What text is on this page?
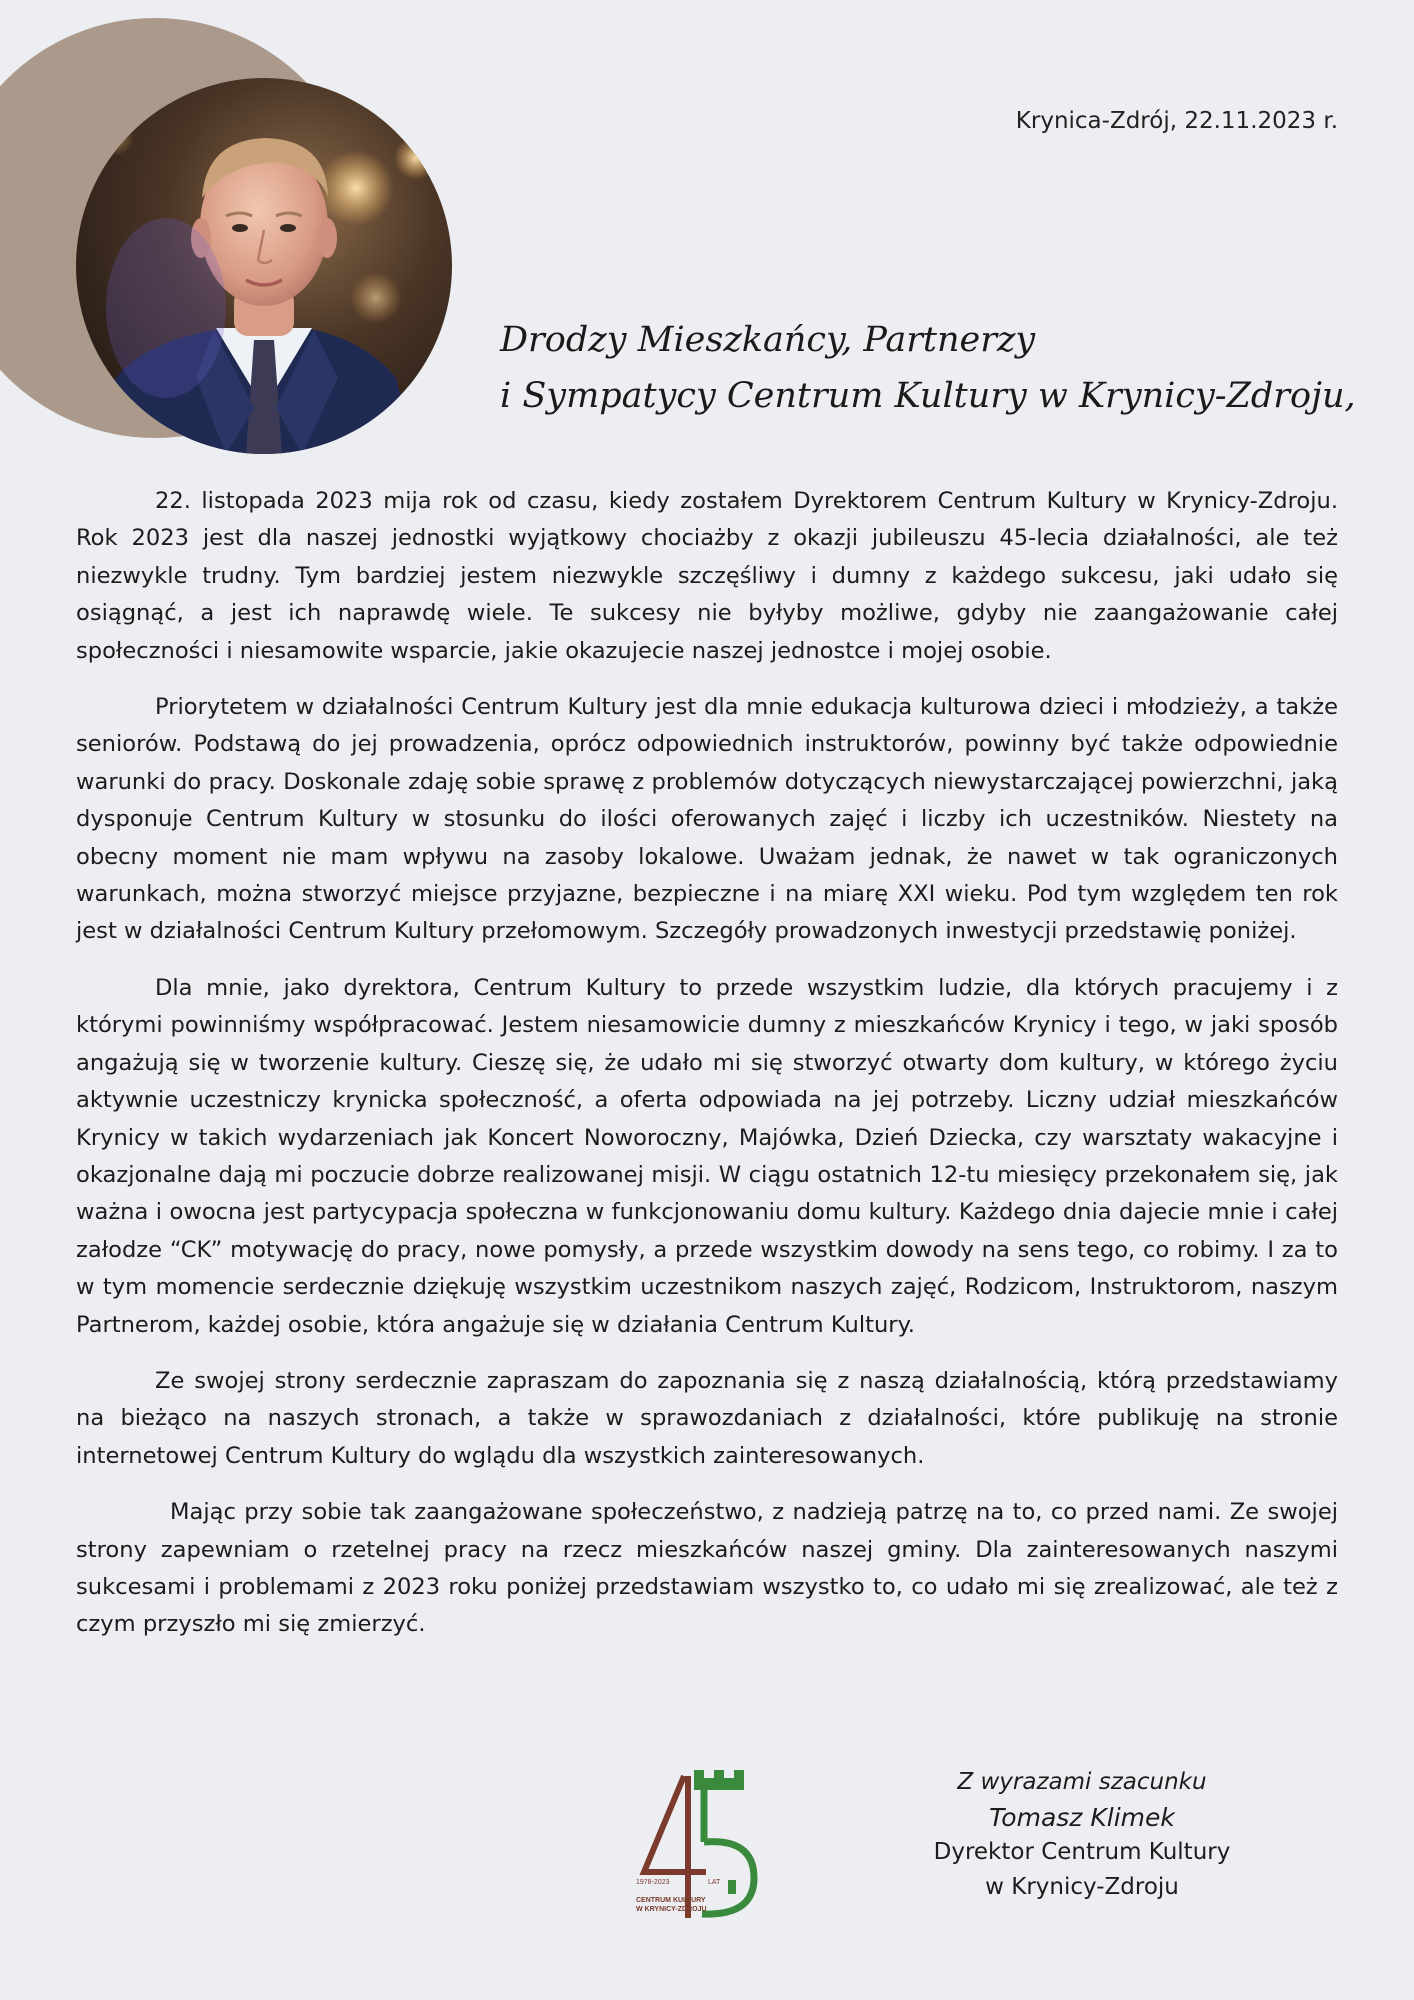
Krynica-Zdrój, 22.11.2023 r.
Drodzy Mieszkańcy, Partnerzy
i Sympatycy Centrum Kultury w Krynicy-Zdroju,

22. listopada 2023 mija rok od czasu, kiedy zostałem Dyrektorem Centrum Kultury w Krynicy-Zdroju. Rok 2023 jest dla naszej jednostki wyjątkowy chociażby z okazji jubileuszu 45-lecia działalności, ale też niezwykle trudny. Tym bardziej jestem niezwykle szczęśliwy i dumny z każdego sukcesu, jaki udało się osiągnąć, a jest ich naprawdę wiele. Te sukcesy nie byłyby możliwe, gdyby nie zaangażowanie całej społeczności i niesamowite wsparcie, jakie okazujecie naszej jednostce i mojej osobie.

Priorytetem w działalności Centrum Kultury jest dla mnie edukacja kulturowa dzieci i młodzieży, a także seniorów. Podstawą do jej prowadzenia, oprócz odpowiednich instruktorów, powinny być także odpowiednie warunki do pracy. Doskonale zdaję sobie sprawę z problemów dotyczących niewystarczającej powierzchni, jaką dysponuje Centrum Kultury w stosunku do ilości oferowanych zajęć i liczby ich uczestników. Niestety na obecny moment nie mam wpływu na zasoby lokalowe. Uważam jednak, że nawet w tak ograniczonych warunkach, można stworzyć miejsce przyjazne, bezpieczne i na miarę XXI wieku. Pod tym względem ten rok jest w działalności Centrum Kultury przełomowym. Szczegóły prowadzonych inwestycji przedstawię poniżej.

Dla mnie, jako dyrektora, Centrum Kultury to przede wszystkim ludzie, dla których pracujemy i z którymi powinniśmy współpracować. Jestem niesamowicie dumny z mieszkańców Krynicy i tego, w jaki sposób angażują się w tworzenie kultury. Cieszę się, że udało mi się stworzyć otwarty dom kultury, w którego życiu aktywnie uczestniczy krynicka społeczność, a oferta odpowiada na jej potrzeby. Liczny udział mieszkańców Krynicy w takich wydarzeniach jak Koncert Noworoczny, Majówka, Dzień Dziecka, czy warsztaty wakacyjne i okazjonalne dają mi poczucie dobrze realizowanej misji. W ciągu ostatnich 12-tu miesięcy przekonałem się, jak ważna i owocna jest partycypacja społeczna w funkcjonowaniu domu kultury. Każdego dnia dajecie mnie i całej załodze “CK” motywację do pracy, nowe pomysły, a przede wszystkim dowody na sens tego, co robimy. I za to w tym momencie serdecznie dziękuję wszystkim uczestnikom naszych zajęć, Rodzicom, Instruktorom, naszym Partnerom, każdej osobie, która angażuje się w działania Centrum Kultury.

Ze swojej strony serdecznie zapraszam do zapoznania się z naszą działalnością, którą przedstawiamy na bieżąco na naszych stronach, a także w sprawozdaniach z działalności, które publikuję na stronie internetowej Centrum Kultury do wglądu dla wszystkich zainteresowanych.

Mając przy sobie tak zaangażowane społeczeństwo, z nadzieją patrzę na to, co przed nami. Ze swojej strony zapewniam o rzetelnej pracy na rzecz mieszkańców naszej gminy. Dla zainteresowanych naszymi sukcesami i problemami z 2023 roku poniżej przedstawiam wszystko to, co udało mi się zrealizować, ale też z czym przyszło mi się zmierzyć.

1978-2023	LAT
CENTRUM KULTURY
W KRYNICY-ZDROJU
Z wyrazami szacunku
Tomasz Klimek
Dyrektor Centrum Kultury
w Krynicy-Zdroju
